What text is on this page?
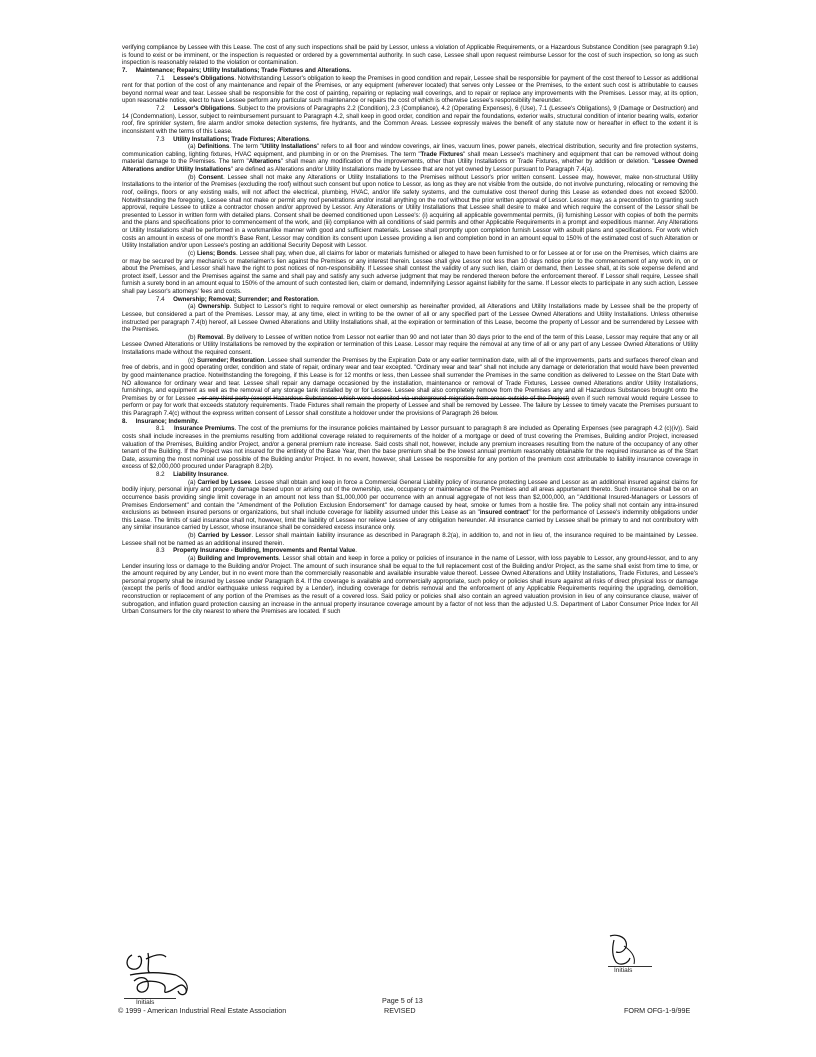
verifying compliance by Lessee with this Lease. The cost of any such inspections shall be paid by Lessor, unless a violation of Applicable Requirements, or a Hazardous Substance Condition (see paragraph 9.1e) is found to exist or be imminent, or the inspection is requested or ordered by a governmental authority. In such case, Lessee shall upon request reimburse Lessor for the cost of such inspection, so long as such inspection is reasonably related to the violation or contamination.

7. Maintenance; Repairs; Utility Installations; Trade Fixtures and Alterations.

7.1     Lessee's Obligations. Notwithstanding Lessor's obligation to keep the Premises in good condition and repair, Lessee shall be responsible for payment of the cost thereof to Lessor as additional rent for that portion of the cost of any maintenance and repair of the Premises, or any equipment (wherever located) that serves only Lessee or the Premises, to the extent such cost is attributable to causes beyond normal wear and tear. Lessee shall be responsible for the cost of painting, repairing or replacing wall coverings, and to repair or replace any improvements with the Premises. Lessor may, at its option, upon reasonable notice, elect to have Lessee perform any particular such maintenance or repairs the cost of which is otherwise Lessee's responsibility hereunder.

7.2     Lessor's Obligations. Subject to the provisions of Paragraphs 2.2 (Condition), 2.3 (Compliance), 4.2 (Operating Expenses), 6 (Use), 7.1 (Lessee's Obligations), 9 (Damage or Destruction) and 14 (Condemnation), Lessor, subject to reimbursement pursuant to Paragraph 4.2, shall keep in good order, condition and repair the foundations, exterior walls, structural condition of interior bearing walls, exterior roof, fire sprinkler system, fire alarm and/or smoke detection systems, fire hydrants, and the Common Areas. Lessee expressly waives the benefit of any statute now or hereafter in effect to the extent it is inconsistent with the terms of this Lease.

7.3     Utility Installations; Trade Fixtures; Alterations.

(a) Definitions. The term "Utility Installations" refers to all floor and window coverings, air lines, vacuum lines, power panels, electrical distribution, security and fire protection systems, communication cabling, lighting fixtures, HVAC equipment, and plumbing in or on the Premises. The term "Trade Fixtures" shall mean Lessee's machinery and equipment that can be removed without doing material damage to the Premises. The term "Alterations" shall mean any modification of the improvements, other than Utility Installations or Trade Fixtures, whether by addition or deletion. "Lessee Owned Alterations and/or Utility Installations" are defined as Alterations and/or Utility Installations made by Lessee that are not yet owned by Lessor pursuant to Paragraph 7.4(a).

(b) Consent. Lessee shall not make any Alterations or Utility Installations to the Premises without Lessor's prior written consent. Lessee may, however, make non-structural Utility Installations to the interior of the Premises (excluding the roof) without such consent but upon notice to Lessor, as long as they are not visible from the outside, do not involve puncturing, relocating or removing the roof, ceilings, floors or any existing walls, will not affect the electrical, plumbing, HVAC, and/or life safety systems, and the cumulative cost thereof during this Lease as extended does not exceed $2000. Notwithstanding the foregoing, Lessee shall not make or permit any roof penetrations and/or install anything on the roof without the prior written approval of Lessor. Lessor may, as a precondition to granting such approval, require Lessee to utilize a contractor chosen and/or approved by Lessor. Any Alterations or Utility Installations that Lessee shall desire to make and which require the consent of the Lessor shall be presented to Lessor in written form with detailed plans. Consent shall be deemed conditioned upon Lessee's: (i) acquiring all applicable governmental permits, (ii) furnishing Lessor with copies of both the permits and the plans and specifications prior to commencement of the work, and (iii) compliance with all conditions of said permits and other Applicable Requirements in a prompt and expeditious manner. Any Alterations or Utility Installations shall be performed in a workmanlike manner with good and sufficient materials. Lessee shall promptly upon completion furnish Lessor with asbuilt plans and specifications. For work which costs an amount in excess of one month's Base Rent, Lessor may condition its consent upon Lessee providing a lien and completion bond in an amount equal to 150% of the estimated cost of such Alteration or Utility Installation and/or upon Lessee's posting an additional Security Deposit with Lessor.

(c) Liens; Bonds. Lessee shall pay, when due, all claims for labor or materials furnished or alleged to have been furnished to or for Lessee at or for use on the Premises, which claims are or may be secured by any mechanic's or materialmen's lien against the Premises or any interest therein. Lessee shall give Lessor not less than 10 days notice prior to the commencement of any work in, on or about the Premises, and Lessor shall have the right to post notices of non-responsibility. If Lessee shall contest the validity of any such lien, claim or demand, then Lessee shall, at its sole expense defend and protect itself, Lessor and the Premises against the same and shall pay and satisfy any such adverse judgment that may be rendered thereon before the enforcement thereof. If Lessor shall require, Lessee shall furnish a surety bond in an amount equal to 150% of the amount of such contested lien, claim or demand, indemnifying Lessor against liability for the same. If Lessor elects to participate in any such action, Lessee shall pay Lessor's attorneys' fees and costs.

7.4     Ownership; Removal; Surrender; and Restoration.

(a) Ownership. Subject to Lessor's right to require removal or elect ownership as hereinafter provided, all Alterations and Utility Installations made by Lessee shall be the property of Lessee, but considered a part of the Premises. Lessor may, at any time, elect in writing to be the owner of all or any specified part of the Lessee Owned Alterations and Utility Installations. Unless otherwise instructed per paragraph 7.4(b) hereof, all Lessee Owned Alterations and Utility Installations shall, at the expiration or termination of this Lease, become the property of Lessor and be surrendered by Lessee with the Premises.

(b) Removal. By delivery to Lessee of written notice from Lessor not earlier than 90 and not later than 30 days prior to the end of the term of this Lease, Lessor may require that any or all Lessee Owned Alterations or Utility Installations be removed by the expiration or termination of this Lease. Lessor may require the removal at any time of all or any part of any Lessee Owned Alterations or Utility Installations made without the required consent.

(c) Surrender; Restoration. Lessee shall surrender the Premises by the Expiration Date or any earlier termination date, with all of the improvements, parts and surfaces thereof clean and free of debris, and in good operating order, condition and state of repair, ordinary wear and tear excepted. "Ordinary wear and tear" shall not include any damage or deterioration that would have been prevented by good maintenance practice. Notwithstanding the foregoing, if this Lease is for 12 months or less, then Lessee shall surrender the Premises in the same condition as delivered to Lessee on the Start Date with NO allowance for ordinary wear and tear. Lessee shall repair any damage occasioned by the installation, maintenance or removal of Trade Fixtures, Lessee owned Alterations and/or Utility Installations, furnishings, and equipment as well as the removal of any storage tank installed by or for Lessee. Lessee shall also completely remove from the Premises any and all Hazardous Substances brought onto the Premises by or for Lessee , or any third party (except Hazardous Substances which were deposited via underground migration from areas outside of the Project) even if such removal would require Lessee to perform or pay for work that exceeds statutory requirements. Trade Fixtures shall remain the property of Lessee and shall be removed by Lessee. The failure by Lessee to timely vacate the Premises pursuant to this Paragraph 7.4(c) without the express written consent of Lessor shall constitute a holdover under the provisions of Paragraph 26 below.

8. Insurance; Indemnity.

8.1     Insurance Premiums. The cost of the premiums for the insurance policies maintained by Lessor pursuant to paragraph 8 are included as Operating Expenses (see paragraph 4.2 (c)(iv)). Said costs shall include increases in the premiums resulting from additional coverage related to requirements of the holder of a mortgage or deed of trust covering the Premises, Building and/or Project, increased valuation of the Premises, Building and/or Project, and/or a general premium rate increase. Said costs shall not, however, include any premium increases resulting from the nature of the occupancy of any other tenant of the Building. If the Project was not insured for the entirety of the Base Year, then the base premium shall be the lowest annual premium reasonably obtainable for the required insurance as of the Start Date, assuming the most nominal use possible of the Building and/or Project. In no event, however, shall Lessee be responsible for any portion of the premium cost attributable to liability insurance coverage in excess of $2,000,000 procured under Paragraph 8.2(b).

8.2     Liability Insurance.

(a) Carried by Lessee. Lessee shall obtain and keep in force a Commercial General Liability policy of insurance protecting Lessee and Lessor as an additional insured against claims for bodily injury, personal injury and property damage based upon or arising out of the ownership, use, occupancy or maintenance of the Premises and all areas appurtenant thereto. Such insurance shall be on an occurrence basis providing single limit coverage in an amount not less than $1,000,000 per occurrence with an annual aggregate of not less than $2,000,000, an "Additional Insured-Managers or Lessors of Premises Endorsement" and contain the "Amendment of the Pollution Exclusion Endorsement" for damage caused by heat, smoke or fumes from a hostile fire. The policy shall not contain any intra-insured exclusions as between insured persons or organizations, but shall include coverage for liability assumed under this Lease as an "insured contract" for the performance of Lessee's indemnity obligations under this Lease. The limits of said insurance shall not, however, limit the liability of Lessee nor relieve Lessee of any obligation hereunder. All insurance carried by Lessee shall be primary to and not contributory with any similar insurance carried by Lessor, whose insurance shall be considered excess insurance only.

(b) Carried by Lessor. Lessor shall maintain liability insurance as described in Paragraph 8.2(a), in addition to, and not in lieu of, the insurance required to be maintained by Lessee. Lessee shall not be named as an additional insured therein.

8.3     Property Insurance - Building, Improvements and Rental Value.

(a) Building and Improvements. Lessor shall obtain and keep in force a policy or policies of insurance in the name of Lessor, with loss payable to Lessor, any ground-lessor, and to any Lender insuring loss or damage to the Building and/or Project. The amount of such insurance shall be equal to the full replacement cost of the Building and/or Project, as the same shall exist from time to time, or the amount required by any Lender, but in no event more than the commercially reasonable and available insurable value thereof. Lessee Owned Alterations and Utility Installations, Trade Fixtures, and Lessee's personal property shall be insured by Lessee under Paragraph 8.4. If the coverage is available and commercially appropriate, such policy or policies shall insure against all risks of direct physical loss or damage (except the perils of flood and/or earthquake unless required by a Lender), including coverage for debris removal and the enforcement of any Applicable Requirements requiring the upgrading, demolition, reconstruction or replacement of any portion of the Premises as the result of a covered loss. Said policy or policies shall also contain an agreed valuation provision in lieu of any coinsurance clause, waiver of subrogation, and inflation guard protection causing an increase in the annual property insurance coverage amount by a factor of not less than the adjusted U.S. Department of Labor Consumer Price Index for All Urban Consumers for the city nearest to where the Premises are located. If such

Initials
Initials
Page 5 of 13
REVISED
© 1999 - American Industrial Real Estate Association	FORM OFG-1-9/99E
